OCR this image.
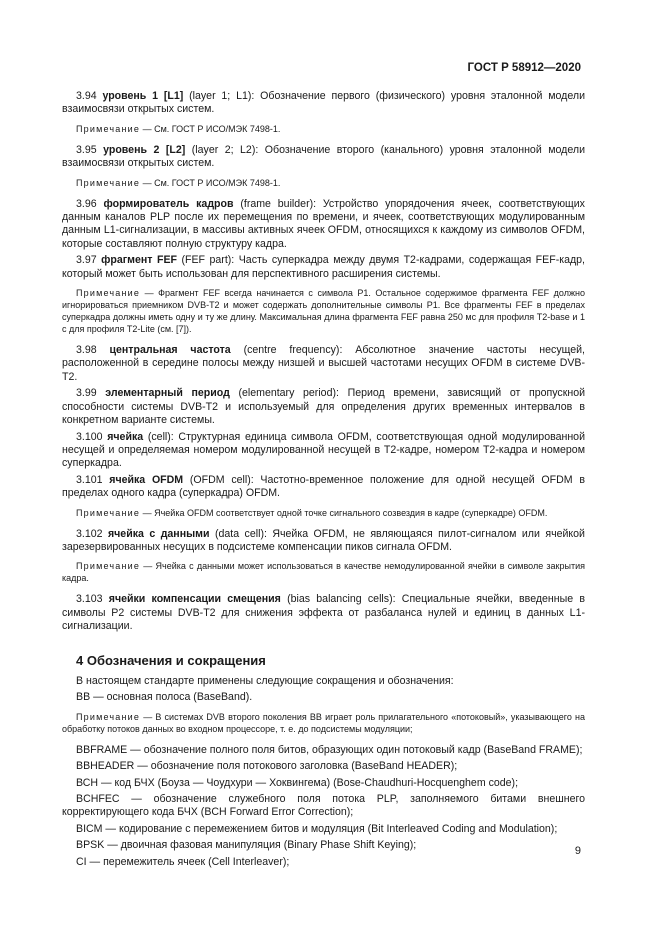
ГОСТ Р 58912—2020
3.94 уровень 1 [L1] (layer 1; L1): Обозначение первого (физического) уровня эталонной модели взаимосвязи открытых систем.
Примечание — См. ГОСТ Р ИСО/МЭК 7498-1.
3.95 уровень 2 [L2] (layer 2; L2): Обозначение второго (канального) уровня эталонной модели взаимосвязи открытых систем.
Примечание — См. ГОСТ Р ИСО/МЭК 7498-1.
3.96 формирователь кадров (frame builder): Устройство упорядочения ячеек, соответствующих данным каналов PLP после их перемещения по времени, и ячеек, соответствующих модулированным данным L1-сигнализации, в массивы активных ячеек OFDM, относящихся к каждому из символов OFDM, которые составляют полную структуру кадра.
3.97 фрагмент FEF (FEF part): Часть суперкадра между двумя Т2-кадрами, содержащая FEF-кадр, который может быть использован для перспективного расширения системы.
Примечание — Фрагмент FEF всегда начинается с символа Р1. Остальное содержимое фрагмента FEF должно игнорироваться приемником DVB-T2 и может содержать дополнительные символы Р1. Все фрагменты FEF в пределах суперкадра должны иметь одну и ту же длину. Максимальная длина фрагмента FEF равна 250 мс для профиля T2-base и 1 с для профиля T2-Lite (см. [7]).
3.98 центральная частота (centre frequency): Абсолютное значение частоты несущей, расположенной в середине полосы между низшей и высшей частотами несущих OFDM в системе DVB-T2.
3.99 элементарный период (elementary period): Период времени, зависящий от пропускной способности системы DVB-T2 и используемый для определения других временных интервалов в конкретном варианте системы.
3.100 ячейка (cell): Структурная единица символа OFDM, соответствующая одной модулированной несущей и определяемая номером модулированной несущей в Т2-кадре, номером Т2-кадра и номером суперкадра.
3.101 ячейка OFDM (OFDM cell): Частотно-временное положение для одной несущей OFDM в пределах одного кадра (суперкадра) OFDM.
Примечание — Ячейка OFDM соответствует одной точке сигнального созвездия в кадре (суперкадре) OFDM.
3.102 ячейка с данными (data cell): Ячейка OFDM, не являющаяся пилот-сигналом или ячейкой зарезервированных несущих в подсистеме компенсации пиков сигнала OFDM.
Примечание — Ячейка с данными может использоваться в качестве немодулированной ячейки в символе закрытия кадра.
3.103 ячейки компенсации смещения (bias balancing cells): Специальные ячейки, введенные в символы Р2 системы DVB-T2 для снижения эффекта от разбаланса нулей и единиц в данных L1-сигнализации.
4 Обозначения и сокращения
В настоящем стандарте применены следующие сокращения и обозначения:
ВВ — основная полоса (BaseBand).
Примечание — В системах DVB второго поколения ВВ играет роль прилагательного «потоковый», указывающего на обработку потоков данных во входном процессоре, т. е. до подсистемы модуляции;
BBFRAME — обозначение полного поля битов, образующих один потоковый кадр (BaseBand FRAME);
BBHEADER — обозначение поля потокового заголовка (BaseBand HEADER);
ВСН — код БЧХ (Боуза — Чоудхури — Хоквингема) (Bose-Chaudhuri-Hocquenghem code);
BCHFEC — обозначение служебного поля потока PLP, заполняемого битами внешнего корректирующего кода БЧХ (BCH Forward Error Correction);
BICM — кодирование с перемежением битов и модуляция (Bit Interleaved Coding and Modulation);
BPSK — двоичная фазовая манипуляция (Binary Phase Shift Keying);
CI — перемежитель ячеек (Cell Interleaver);
9
